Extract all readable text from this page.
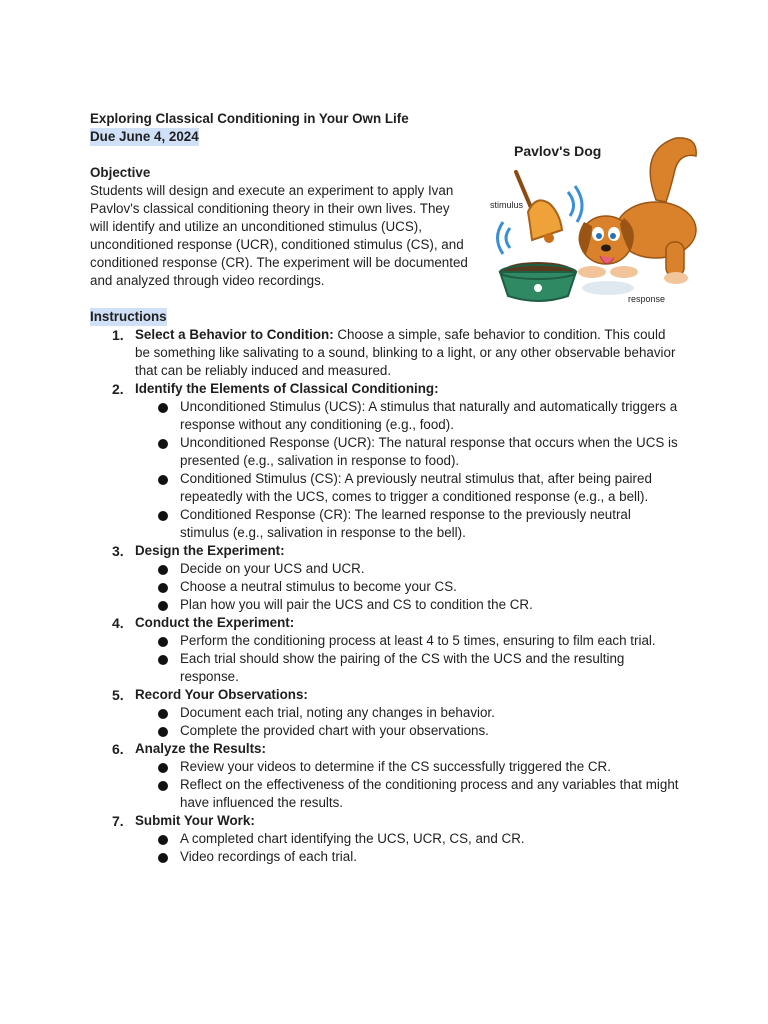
Pavlov's Dog
stimulus
response

Exploring Classical Conditioning in Your Own Life

Due June 4, 2024

Objective

Students will design and execute an experiment to apply Ivan Pavlov's classical conditioning theory in their own lives. They will identify and utilize an unconditioned stimulus (UCS), unconditioned response (UCR), conditioned stimulus (CS), and conditioned response (CR). The experiment will be documented and analyzed through video recordings.

Instructions
1. Select a Behavior to Condition: Choose a simple, safe behavior to condition. This could be something like salivating to a sound, blinking to a light, or any other observable behavior that can be reliably induced and measured.
2. Identify the Elements of Classical Conditioning:
Unconditioned Stimulus (UCS): A stimulus that naturally and automatically triggers a response without any conditioning (e.g., food).
Unconditioned Response (UCR): The natural response that occurs when the UCS is presented (e.g., salivation in response to food).
Conditioned Stimulus (CS): A previously neutral stimulus that, after being paired repeatedly with the UCS, comes to trigger a conditioned response (e.g., a bell).
Conditioned Response (CR): The learned response to the previously neutral stimulus (e.g., salivation in response to the bell).
3. Design the Experiment:
Decide on your UCS and UCR.
Choose a neutral stimulus to become your CS.
Plan how you will pair the UCS and CS to condition the CR.
4. Conduct the Experiment:
Perform the conditioning process at least 4 to 5 times, ensuring to film each trial.
Each trial should show the pairing of the CS with the UCS and the resulting response.
5. Record Your Observations:
Document each trial, noting any changes in behavior.
Complete the provided chart with your observations.
6. Analyze the Results:
Review your videos to determine if the CS successfully triggered the CR.
Reflect on the effectiveness of the conditioning process and any variables that might have influenced the results.
7. Submit Your Work:
A completed chart identifying the UCS, UCR, CS, and CR.
Video recordings of each trial.
